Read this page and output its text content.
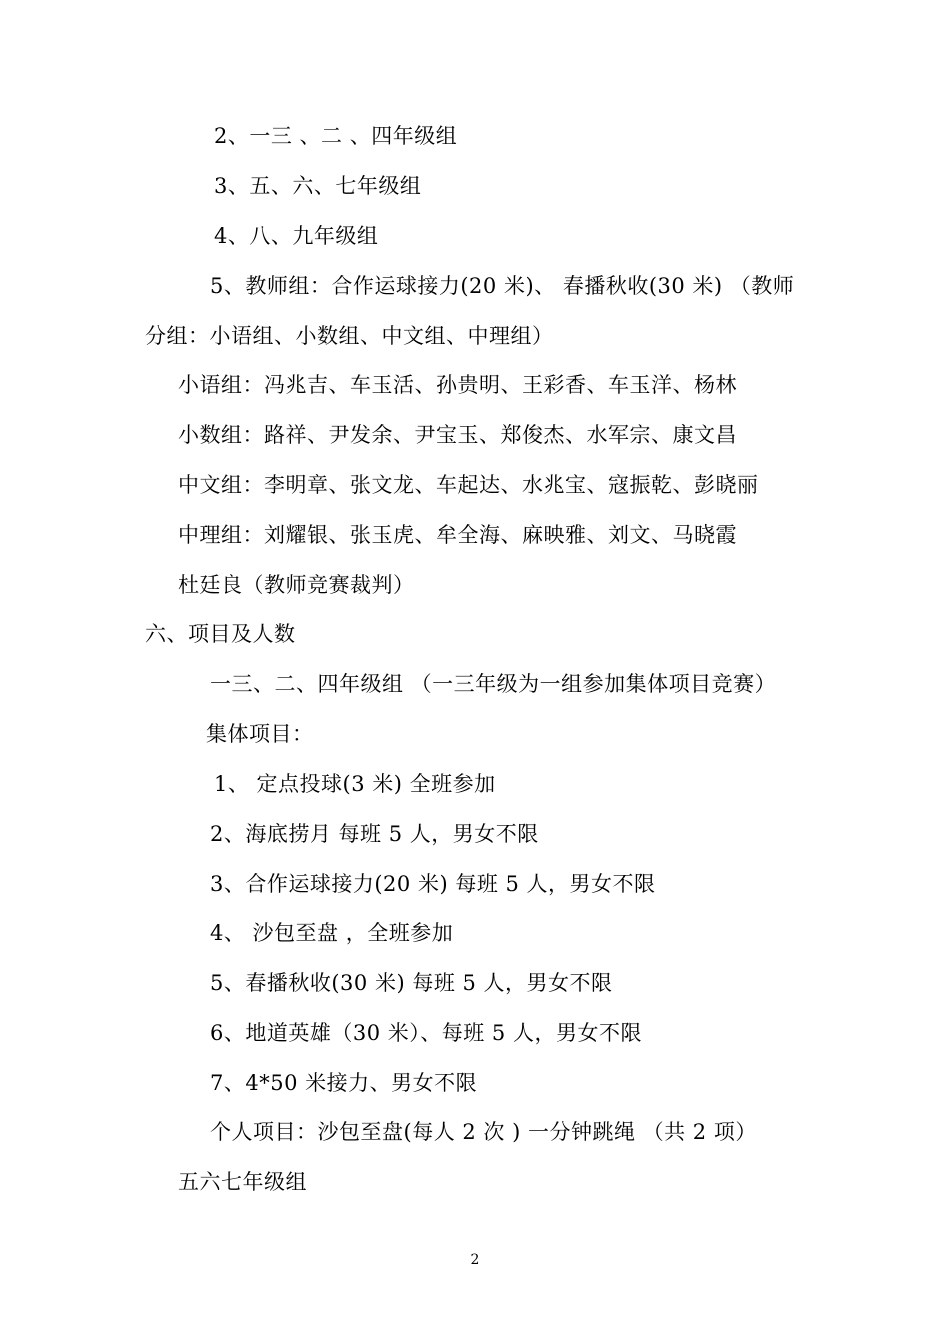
2、一三 、二 、四年级组
3、五、六、七年级组
4、八、九年级组
5、教师组：合作运球接力(20 米)、 春播秋收(30 米) （教师
分组：小语组、小数组、中文组、中理组）
小语组：冯兆吉、车玉活、孙贵明、王彩香、车玉洋、杨林
小数组：路祥、尹发余、尹宝玉、郑俊杰、水军宗、康文昌
中文组：李明章、张文龙、车起达、水兆宝、寇振乾、彭晓丽
中理组：刘耀银、张玉虎、牟全海、麻映雅、刘文、马晓霞
杜廷良（教师竞赛裁判）
六、项目及人数
一三、二、四年级组 （一三年级为一组参加集体项目竞赛）
集体项目：
1、 定点投球(3 米) 全班参加
2、海底捞月 每班 5 人，男女不限
3、合作运球接力(20 米) 每班 5 人，男女不限
4、 沙包至盘 ，全班参加
5、春播秋收(30 米) 每班 5 人，男女不限
6、地道英雄（30 米）、每班 5 人，男女不限
7、4*50 米接力、男女不限
个人项目：沙包至盘(每人 2 次 ) 一分钟跳绳 （共 2 项）
五六七年级组
2
